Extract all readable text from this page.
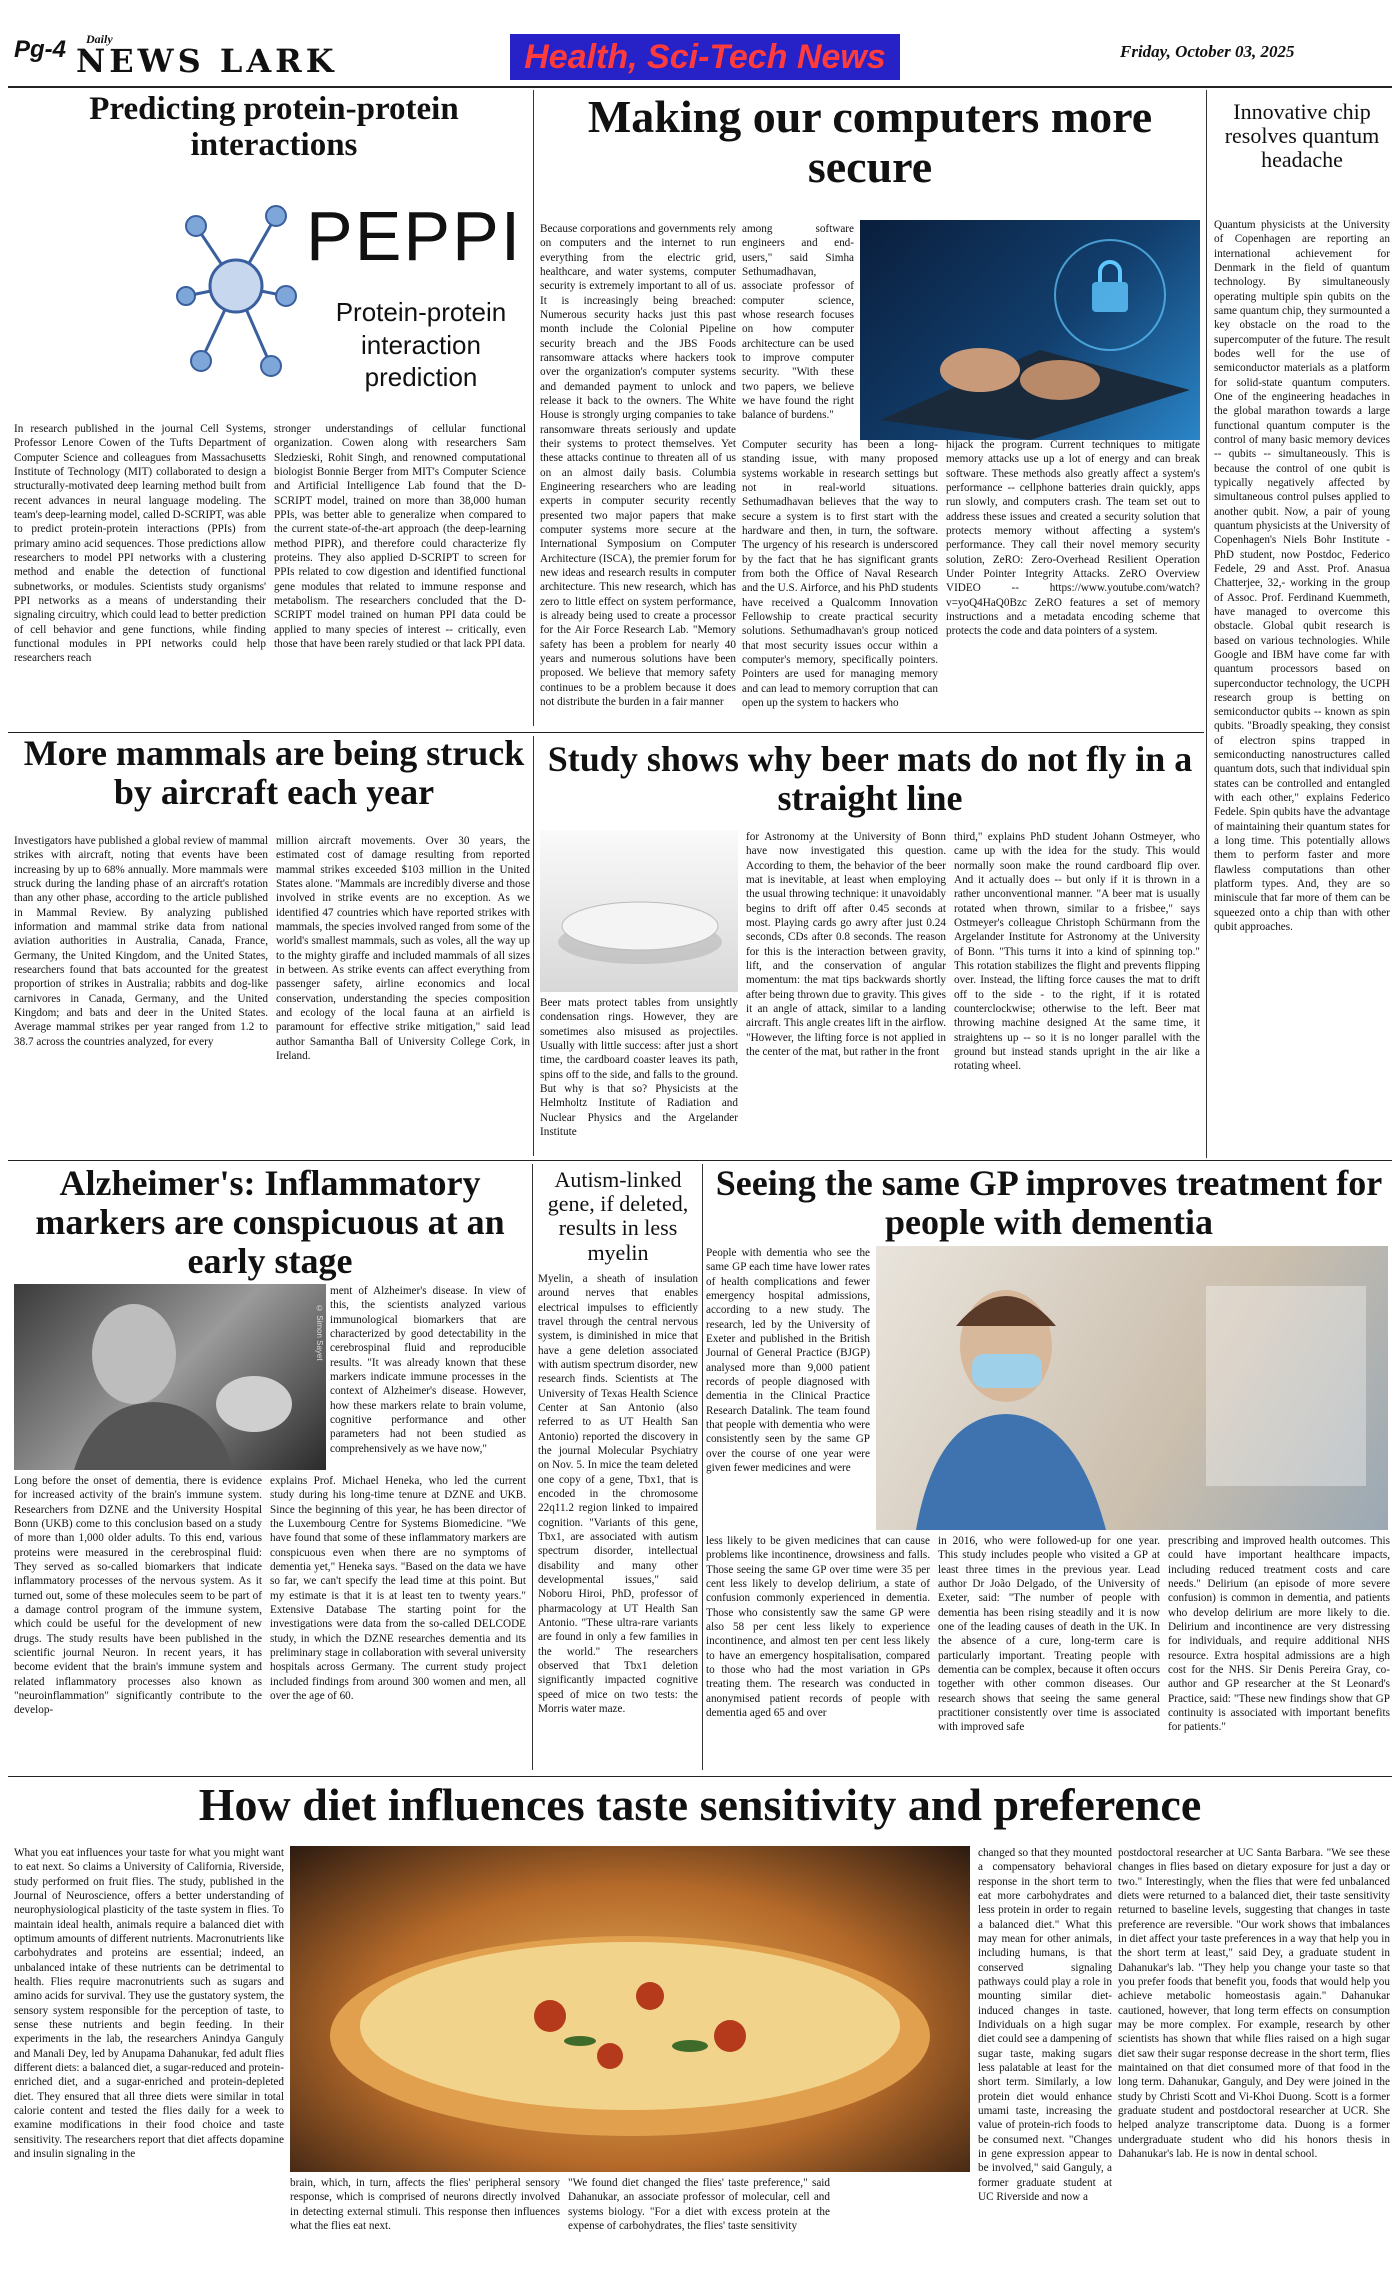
Pg-4 Daily
NEWS LARK	Health, Sci-Tech News	Friday, October 03, 2025
Predicting protein-protein interactions
PEPPI
Protein-protein interaction prediction
In research published in the journal Cell Systems, Professor Lenore Cowen of the Tufts Department of Computer Science and colleagues from Massachusetts Institute of Technology (MIT) collaborated to design a structurally-motivated deep learning method built from recent advances in neural language modeling. The team's deep-learning model, called D-SCRIPT, was able to predict protein-protein interactions (PPIs) from primary amino acid sequences. Those predictions allow researchers to model PPI networks with a clustering method and enable the detection of functional subnetworks, or modules. Scientists study organisms' PPI networks as a means of understanding their signaling circuitry, which could lead to better prediction of cell behavior and gene functions, while finding functional modules in PPI networks could help researchers reach
stronger understandings of cellular functional organization. Cowen along with researchers Sam Sledzieski, Rohit Singh, and renowned computational biologist Bonnie Berger from MIT's Computer Science and Artificial Intelligence Lab found that the D-SCRIPT model, trained on more than 38,000 human PPIs, was better able to generalize when compared to the current state-of-the-art approach (the deep-learning method PIPR), and therefore could characterize fly proteins. They also applied D-SCRIPT to screen for PPIs related to cow digestion and identified functional gene modules that related to immune response and metabolism. The researchers concluded that the D-SCRIPT model trained on human PPI data could be applied to many species of interest -- critically, even those that have been rarely studied or that lack PPI data.
Making our computers more secure
Because corporations and governments rely on computers and the internet to run everything from the electric grid, healthcare, and water systems, computer security is extremely important to all of us. It is increasingly being breached: Numerous security hacks just this past month include the Colonial Pipeline security breach and the JBS Foods ransomware attacks where hackers took over the organization's computer systems and demanded payment to unlock and release it back to the owners. The White House is strongly urging companies to take ransomware threats seriously and update their systems to protect themselves. Yet these attacks continue to threaten all of us on an almost daily basis. Columbia Engineering researchers who are leading experts in computer security recently presented two major papers that make computer systems more secure at the International Symposium on Computer Architecture (ISCA), the premier forum for new ideas and research results in computer architecture. This new research, which has zero to little effect on system performance, is already being used to create a processor for the Air Force Research Lab. "Memory safety has been a problem for nearly 40 years and numerous solutions have been proposed. We believe that memory safety continues to be a problem because it does not distribute the burden in a fair manner
among software engineers and end-users," said Simha Sethumadhavan, associate professor of computer science, whose research focuses on how computer architecture can be used to improve computer security. "With these two papers, we believe we have found the right balance of burdens."
Computer security has been a long-standing issue, with many proposed systems workable in research settings but not in real-world situations. Sethumadhavan believes that the way to secure a system is to first start with the hardware and then, in turn, the software. The urgency of his research is underscored by the fact that he has significant grants from both the Office of Naval Research and the U.S. Airforce, and his PhD students have received a Qualcomm Innovation Fellowship to create practical security solutions. Sethumadhavan's group noticed that most security issues occur within a computer's memory, specifically pointers. Pointers are used for managing memory and can lead to memory corruption that can open up the system to hackers who
hijack the program. Current techniques to mitigate memory attacks use up a lot of energy and can break software. These methods also greatly affect a system's performance -- cellphone batteries drain quickly, apps run slowly, and computers crash. The team set out to address these issues and created a security solution that protects memory without affecting a system's performance. They call their novel memory security solution, ZeRO: Zero-Overhead Resilient Operation Under Pointer Integrity Attacks. ZeRO Overview VIDEO -- https://www.youtube.com/watch?v=yoQ4HaQ0Bzc ZeRO features a set of memory instructions and a metadata encoding scheme that protects the code and data pointers of a system.
Innovative chip resolves quantum headache
Quantum physicists at the University of Copenhagen are reporting an international achievement for Denmark in the field of quantum technology. By simultaneously operating multiple spin qubits on the same quantum chip, they surmounted a key obstacle on the road to the supercomputer of the future. The result bodes well for the use of semiconductor materials as a platform for solid-state quantum computers. One of the engineering headaches in the global marathon towards a large functional quantum computer is the control of many basic memory devices -- qubits -- simultaneously. This is because the control of one qubit is typically negatively affected by simultaneous control pulses applied to another qubit. Now, a pair of young quantum physicists at the University of Copenhagen's Niels Bohr Institute -PhD student, now Postdoc, Federico Fedele, 29 and Asst. Prof. Anasua Chatterjee, 32,- working in the group of Assoc. Prof. Ferdinand Kuemmeth, have managed to overcome this obstacle. Global qubit research is based on various technologies. While Google and IBM have come far with quantum processors based on superconductor technology, the UCPH research group is betting on semiconductor qubits -- known as spin qubits. "Broadly speaking, they consist of electron spins trapped in semiconducting nanostructures called quantum dots, such that individual spin states can be controlled and entangled with each other," explains Federico Fedele. Spin qubits have the advantage of maintaining their quantum states for a long time. This potentially allows them to perform faster and more flawless computations than other platform types. And, they are so miniscule that far more of them can be squeezed onto a chip than with other qubit approaches.
More mammals are being struck by aircraft each year
Investigators have published a global review of mammal strikes with aircraft, noting that events have been increasing by up to 68% annually. More mammals were struck during the landing phase of an aircraft's rotation than any other phase, according to the article published in Mammal Review. By analyzing published information and mammal strike data from national aviation authorities in Australia, Canada, France, Germany, the United Kingdom, and the United States, researchers found that bats accounted for the greatest proportion of strikes in Australia; rabbits and dog-like carnivores in Canada, Germany, and the United Kingdom; and bats and deer in the United States. Average mammal strikes per year ranged from 1.2 to 38.7 across the countries analyzed, for every
million aircraft movements. Over 30 years, the estimated cost of damage resulting from reported mammal strikes exceeded $103 million in the United States alone. "Mammals are incredibly diverse and those involved in strike events are no exception. As we identified 47 countries which have reported strikes with mammals, the species involved ranged from some of the world's smallest mammals, such as voles, all the way up to the mighty giraffe and included mammals of all sizes in between. As strike events can affect everything from passenger safety, airline economics and local conservation, understanding the species composition and ecology of the local fauna at an airfield is paramount for effective strike mitigation," said lead author Samantha Ball of University College Cork, in Ireland.
Study shows why beer mats do not fly in a straight line
Beer mats protect tables from unsightly condensation rings. However, they are sometimes also misused as projectiles. Usually with little success: after just a short time, the cardboard coaster leaves its path, spins off to the side, and falls to the ground. But why is that so? Physicists at the Helmholtz Institute of Radiation and Nuclear Physics and the Argelander Institute
for Astronomy at the University of Bonn have now investigated this question. According to them, the behavior of the beer mat is inevitable, at least when employing the usual throwing technique: it unavoidably begins to drift off after 0.45 seconds at most. Playing cards go awry after just 0.24 seconds, CDs after 0.8 seconds. The reason for this is the interaction between gravity, lift, and the conservation of angular momentum: the mat tips backwards shortly after being thrown due to gravity. This gives it an angle of attack, similar to a landing aircraft. This angle creates lift in the airflow. "However, the lifting force is not applied in the center of the mat, but rather in the front
third," explains PhD student Johann Ostmeyer, who came up with the idea for the study. This would normally soon make the round cardboard flip over. And it actually does -- but only if it is thrown in a rather unconventional manner. "A beer mat is usually rotated when thrown, similar to a frisbee," says Ostmeyer's colleague Christoph Schürmann from the Argelander Institute for Astronomy at the University of Bonn. "This turns it into a kind of spinning top." This rotation stabilizes the flight and prevents flipping over. Instead, the lifting force causes the mat to drift off to the side - to the right, if it is rotated counterclockwise; otherwise to the left. Beer mat throwing machine designed At the same time, it straightens up -- so it is no longer parallel with the ground but instead stands upright in the air like a rotating wheel.
Alzheimer's: Inflammatory markers are conspicuous at an early stage
© Simon Sayet
ment of Alzheimer's disease. In view of this, the scientists analyzed various immunological biomarkers that are characterized by good detectability in the cerebrospinal fluid and reproducible results. "It was already known that these markers indicate immune processes in the context of Alzheimer's disease. However, how these markers relate to brain volume, cognitive performance and other parameters had not been studied as comprehensively as we have now,"
Long before the onset of dementia, there is evidence for increased activity of the brain's immune system. Researchers from DZNE and the University Hospital Bonn (UKB) come to this conclusion based on a study of more than 1,000 older adults. To this end, various proteins were measured in the cerebrospinal fluid: They served as so-called biomarkers that indicate inflammatory processes of the nervous system. As it turned out, some of these molecules seem to be part of a damage control program of the immune system, which could be useful for the development of new drugs. The study results have been published in the scientific journal Neuron. In recent years, it has become evident that the brain's immune system and related inflammatory processes also known as "neuroinflammation" significantly contribute to the develop-
explains Prof. Michael Heneka, who led the current study during his long-time tenure at DZNE and UKB. Since the beginning of this year, he has been director of the Luxembourg Centre for Systems Biomedicine. "We have found that some of these inflammatory markers are conspicuous even when there are no symptoms of dementia yet," Heneka says. "Based on the data we have so far, we can't specify the lead time at this point. But my estimate is that it is at least ten to twenty years." Extensive Database The starting point for the investigations were data from the so-called DELCODE study, in which the DZNE researches dementia and its preliminary stage in collaboration with several university hospitals across Germany. The current study project included findings from around 300 women and men, all over the age of 60.
Autism-linked gene, if deleted, results in less myelin
Myelin, a sheath of insulation around nerves that enables electrical impulses to efficiently travel through the central nervous system, is diminished in mice that have a gene deletion associated with autism spectrum disorder, new research finds. Scientists at The University of Texas Health Science Center at San Antonio (also referred to as UT Health San Antonio) reported the discovery in the journal Molecular Psychiatry on Nov. 5. In mice the team deleted one copy of a gene, Tbx1, that is encoded in the chromosome 22q11.2 region linked to impaired cognition. "Variants of this gene, Tbx1, are associated with autism spectrum disorder, intellectual disability and many other developmental issues," said Noboru Hiroi, PhD, professor of pharmacology at UT Health San Antonio. "These ultra-rare variants are found in only a few families in the world." The researchers observed that Tbx1 deletion significantly impacted cognitive speed of mice on two tests: the Morris water maze.
Seeing the same GP improves treatment for people with dementia
People with dementia who see the same GP each time have lower rates of health complications and fewer emergency hospital admissions, according to a new study. The research, led by the University of Exeter and published in the British Journal of General Practice (BJGP) analysed more than 9,000 patient records of people diagnosed with dementia in the Clinical Practice Research Datalink. The team found that people with dementia who were consistently seen by the same GP over the course of one year were given fewer medicines and were
less likely to be given medicines that can cause problems like incontinence, drowsiness and falls. Those seeing the same GP over time were 35 per cent less likely to develop delirium, a state of confusion commonly experienced in dementia. Those who consistently saw the same GP were also 58 per cent less likely to experience incontinence, and almost ten per cent less likely to have an emergency hospitalisation, compared to those who had the most variation in GPs treating them. The research was conducted in anonymised patient records of people with dementia aged 65 and over
in 2016, who were followed-up for one year. This study includes people who visited a GP at least three times in the previous year. Lead author Dr João Delgado, of the University of Exeter, said: "The number of people with dementia has been rising steadily and it is now one of the leading causes of death in the UK. In the absence of a cure, long-term care is particularly important. Treating people with dementia can be complex, because it often occurs together with other common diseases. Our research shows that seeing the same general practitioner consistently over time is associated with improved safe
prescribing and improved health outcomes. This could have important healthcare impacts, including reduced treatment costs and care needs." Delirium (an episode of more severe confusion) is common in dementia, and patients who develop delirium are more likely to die. Delirium and incontinence are very distressing for individuals, and require additional NHS resource. Extra hospital admissions are a high cost for the NHS. Sir Denis Pereira Gray, co-author and GP researcher at the St Leonard's Practice, said: "These new findings show that GP continuity is associated with important benefits for patients."
How diet influences taste sensitivity and preference
What you eat influences your taste for what you might want to eat next. So claims a University of California, Riverside, study performed on fruit flies. The study, published in the Journal of Neuroscience, offers a better understanding of neurophysiological plasticity of the taste system in flies. To maintain ideal health, animals require a balanced diet with optimum amounts of different nutrients. Macronutrients like carbohydrates and proteins are essential; indeed, an unbalanced intake of these nutrients can be detrimental to health. Flies require macronutrients such as sugars and amino acids for survival. They use the gustatory system, the sensory system responsible for the perception of taste, to sense these nutrients and begin feeding. In their experiments in the lab, the researchers Anindya Ganguly and Manali Dey, led by Anupama Dahanukar, fed adult flies different diets: a balanced diet, a sugar-reduced and protein-enriched diet, and a sugar-enriched and protein-depleted diet. They ensured that all three diets were similar in total calorie content and tested the flies daily for a week to examine modifications in their food choice and taste sensitivity. The researchers report that diet affects dopamine and insulin signaling in the
brain, which, in turn, affects the flies' peripheral sensory response, which is comprised of neurons directly involved in detecting external stimuli. This response then influences what the flies eat next.
"We found diet changed the flies' taste preference," said Dahanukar, an associate professor of molecular, cell and systems biology. "For a diet with excess protein at the expense of carbohydrates, the flies' taste sensitivity
postdoctoral researcher at UC Santa Barbara. "We see these changes in flies based on dietary exposure for just a day or two." Interestingly, when the flies that were fed unbalanced diets were returned to a balanced diet, their taste sensitivity returned to baseline levels, suggesting that changes in taste preference are reversible. "Our work shows that imbalances in diet affect your taste preferences in a way that help you in the short term at least," said Dey, a graduate student in Dahanukar's lab. "They help you change your taste so that you prefer foods that benefit you, foods that would help you achieve metabolic homeostasis again." Dahanukar cautioned, however, that long term effects on consumption may be more complex. For example, research by other scientists has shown that while flies raised on a high sugar diet saw their sugar response decrease in the short term, flies maintained on that diet consumed more of that food in the long term. Dahanukar, Ganguly, and Dey were joined in the study by Christi Scott and Vi-Khoi Duong. Scott is a former graduate student and postdoctoral researcher at UCR. She helped analyze transcriptome data. Duong is a former undergraduate student who did his honors thesis in Dahanukar's lab. He is now in dental school.
changed so that they mounted a compensatory behavioral response in the short term to eat more carbohydrates and less protein in order to regain a balanced diet." What this may mean for other animals, including humans, is that conserved signaling pathways could play a role in mounting similar diet-induced changes in taste. Individuals on a high sugar diet could see a dampening of sugar taste, making sugars less palatable at least for the short term. Similarly, a low protein diet would enhance umami taste, increasing the value of protein-rich foods to be consumed next. "Changes in gene expression appear to be involved," said Ganguly, a former graduate student at UC Riverside and now a
